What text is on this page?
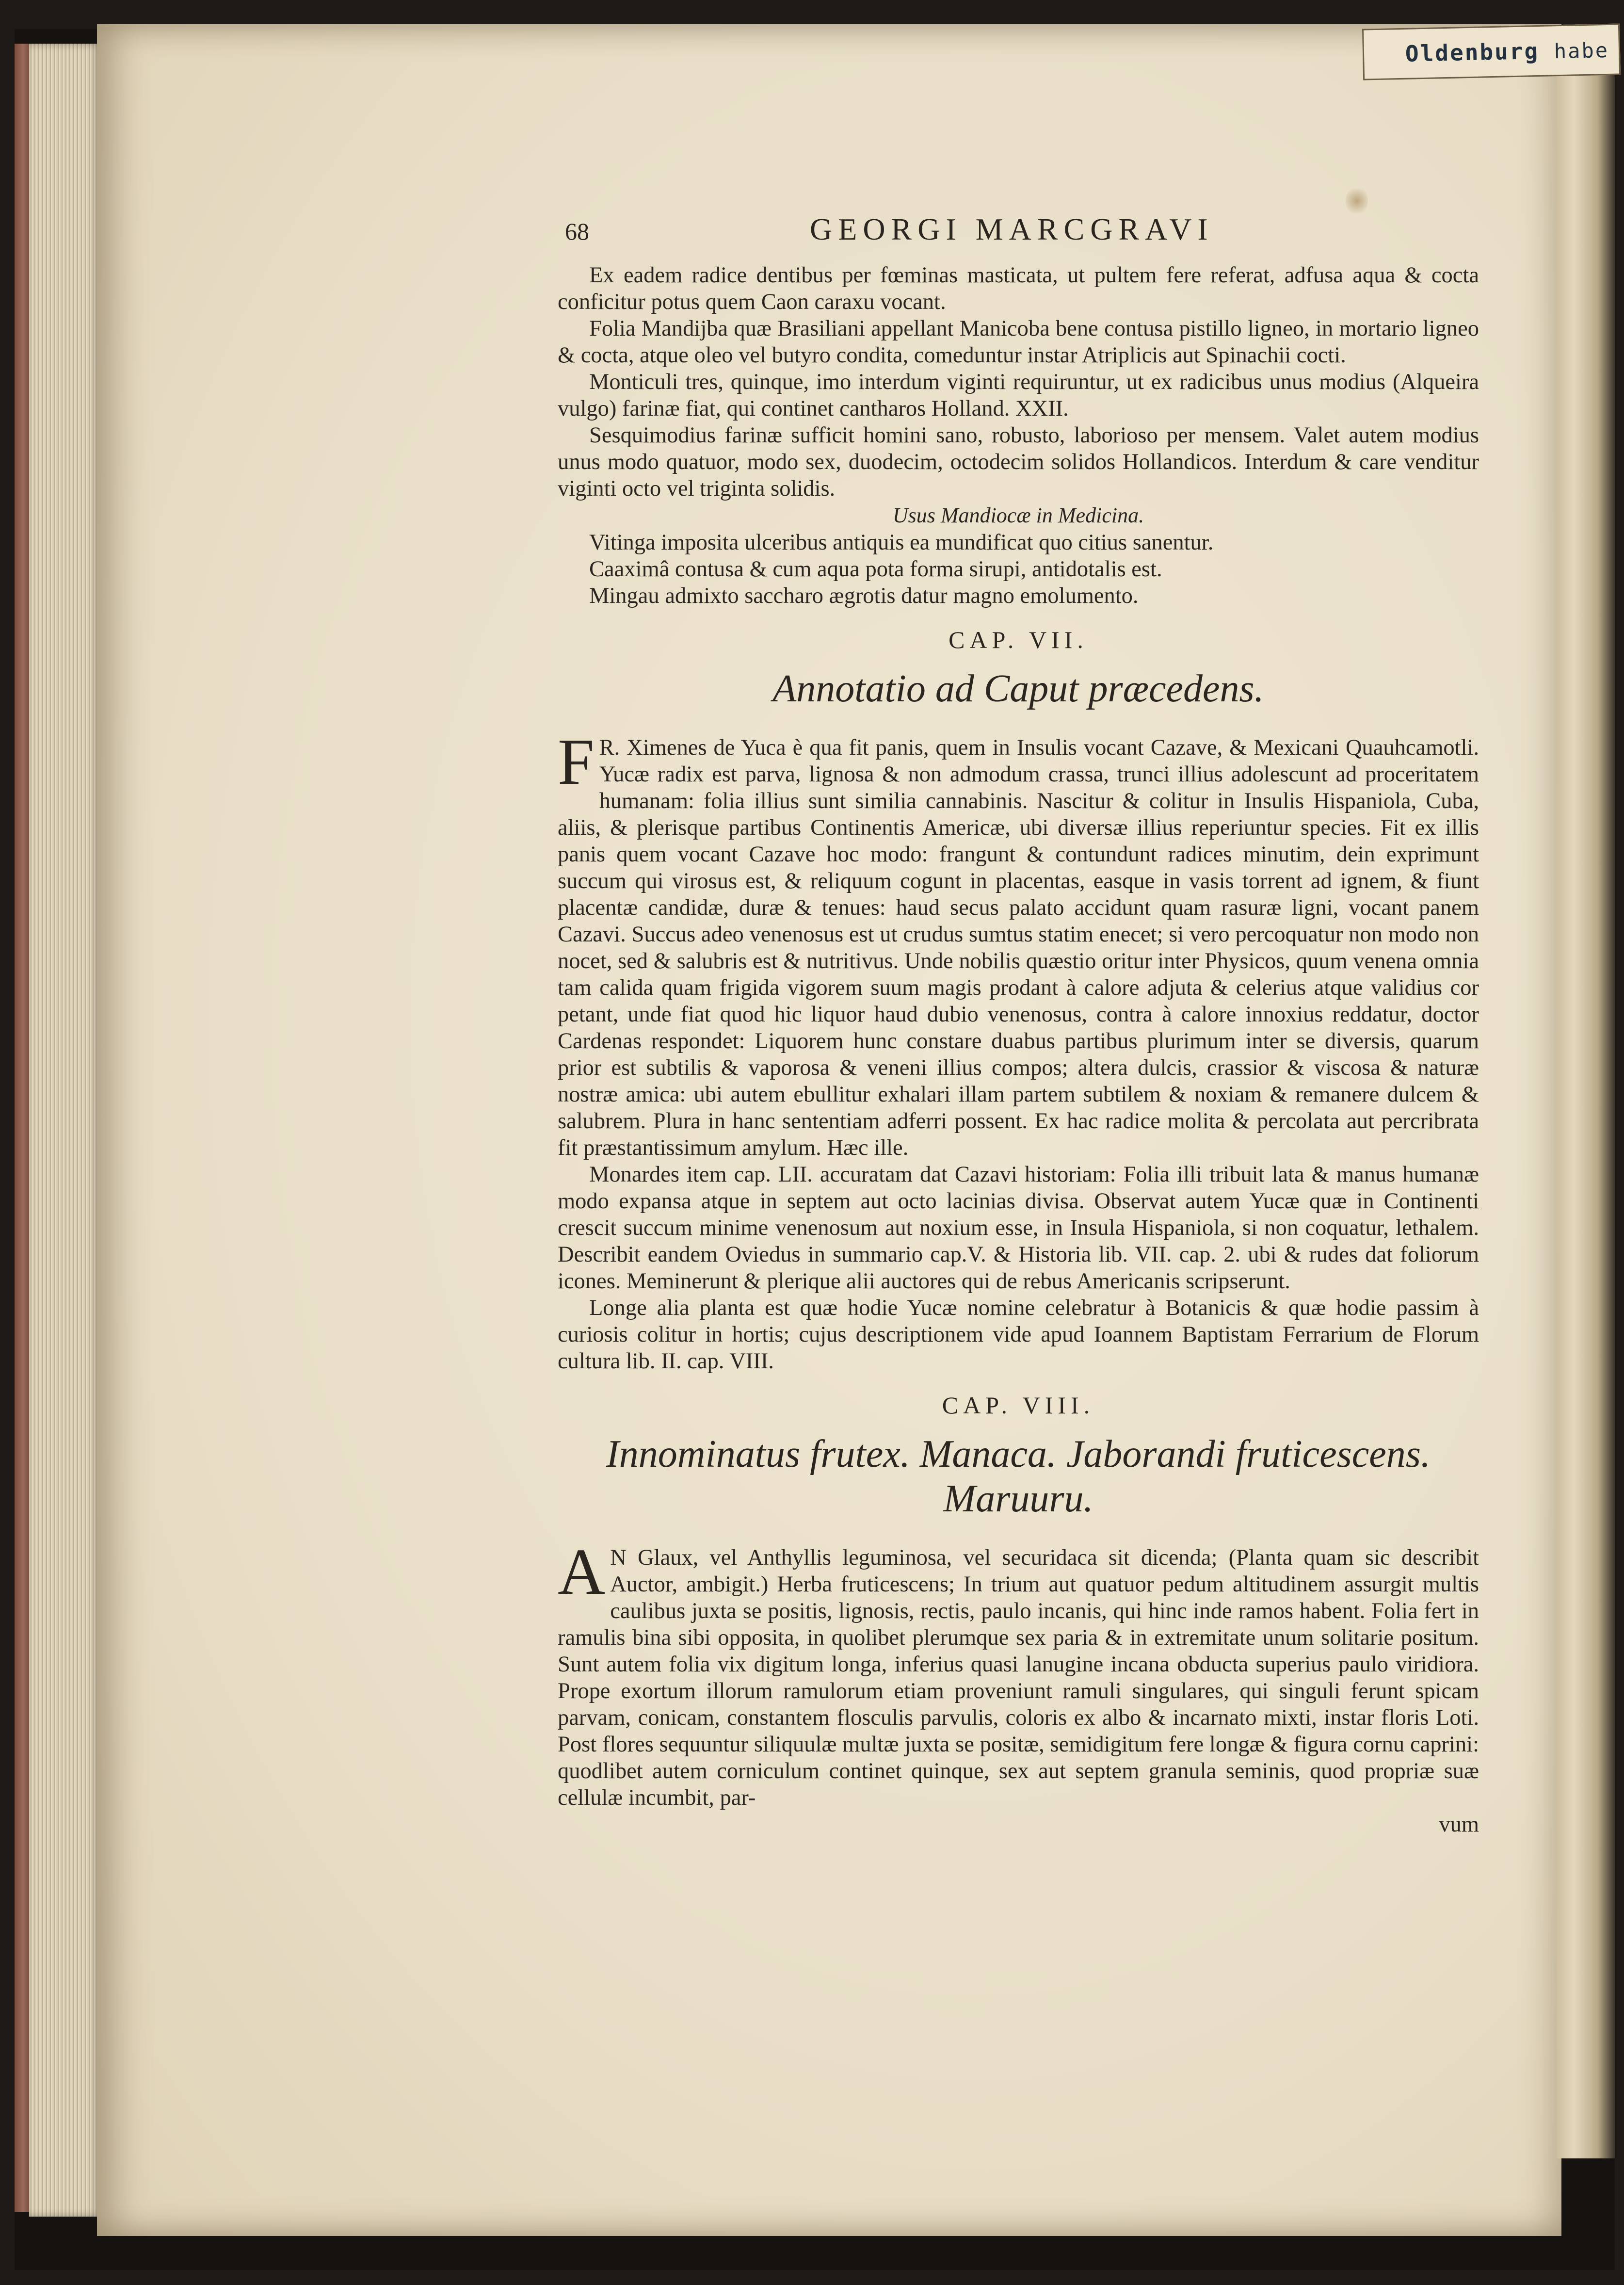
Oldenburg habe
68	GEORGI MARCGRAVI

Ex eadem radice dentibus per fœminas masticata, ut pultem fere referat, adfusa aqua & cocta conficitur potus quem Caon caraxu vocant.

Folia Mandijba quæ Brasiliani appellant Manicoba bene contusa pistillo ligneo, in mortario ligneo & cocta, atque oleo vel butyro condita, comeduntur instar Atriplicis aut Spinachii cocti.

Monticuli tres, quinque, imo interdum viginti requiruntur, ut ex radicibus unus modius (Alqueira vulgo) farinæ fiat, qui continet cantharos Holland. XXII.

Sesquimodius farinæ sufficit homini sano, robusto, laborioso per mensem. Valet autem modius unus modo quatuor, modo sex, duodecim, octodecim solidos Hollandicos. Interdum & care venditur viginti octo vel triginta solidis.

Usus Mandiocæ in Medicina.

Vitinga imposita ulceribus antiquis ea mundificat quo citius sanentur.

Caaximâ contusa & cum aqua pota forma sirupi, antidotalis est.

Mingau admixto saccharo ægrotis datur magno emolumento.

CAP. VII.
Annotatio ad Caput præcedens.

F R. Ximenes de Yuca è qua fit panis, quem in Insulis vocant Cazave, & Mexicani Quauhcamotli. Yucæ radix est parva, lignosa & non admodum crassa, trunci illius adolescunt ad proceritatem humanam: folia illius sunt similia cannabinis. Nascitur & colitur in Insulis Hispaniola, Cuba, aliis, & plerisque partibus Continentis Americæ, ubi diversæ illius reperiuntur species. Fit ex illis panis quem vocant Cazave hoc modo: frangunt & contundunt radices minutim, dein exprimunt succum qui virosus est, & reliquum cogunt in placentas, easque in vasis torrent ad ignem, & fiunt placentæ candidæ, duræ & tenues: haud secus palato accidunt quam rasuræ ligni, vocant panem Cazavi. Succus adeo venenosus est ut crudus sumtus statim enecet; si vero percoquatur non modo non nocet, sed & salubris est & nutritivus. Unde nobilis quæstio oritur inter Physicos, quum venena omnia tam calida quam frigida vigorem suum magis prodant à calore adjuta & celerius atque validius cor petant, unde fiat quod hic liquor haud dubio venenosus, contra à calore innoxius reddatur, doctor Cardenas respondet: Liquorem hunc constare duabus partibus plurimum inter se diversis, quarum prior est subtilis & vaporosa & veneni illius compos; altera dulcis, crassior & viscosa & naturæ nostræ amica: ubi autem ebullitur exhalari illam partem subtilem & noxiam & remanere dulcem & salubrem. Plura in hanc sententiam adferri possent. Ex hac radice molita & percolata aut percribrata fit præstantissimum amylum. Hæc ille.

Monardes item cap. LII. accuratam dat Cazavi historiam: Folia illi tribuit lata & manus humanæ modo expansa atque in septem aut octo lacinias divisa. Observat autem Yucæ quæ in Continenti crescit succum minime venenosum aut noxium esse, in Insula Hispaniola, si non coquatur, lethalem. Describit eandem Oviedus in summario cap.V. & Historia lib. VII. cap. 2. ubi & rudes dat foliorum icones. Meminerunt & plerique alii auctores qui de rebus Americanis scripserunt.

Longe alia planta est quæ hodie Yucæ nomine celebratur à Botanicis & quæ hodie passim à curiosis colitur in hortis; cujus descriptionem vide apud Ioannem Baptistam Ferrarium de Florum cultura lib. II. cap. VIII.

CAP. VIII.
Innominatus frutex. Manaca. Jaborandi fruticescens.
Maruuru.

A N Glaux, vel Anthyllis leguminosa, vel securidaca sit dicenda; (Planta quam sic describit Auctor, ambigit.) Herba fruticescens; In trium aut quatuor pedum altitudinem assurgit multis caulibus juxta se positis, lignosis, rectis, paulo incanis, qui hinc inde ramos habent. Folia fert in ramulis bina sibi opposita, in quolibet plerumque sex paria & in extremitate unum solitarie positum. Sunt autem folia vix digitum longa, inferius quasi lanugine incana obducta superius paulo viridiora. Prope exortum illorum ramulorum etiam proveniunt ramuli singulares, qui singuli ferunt spicam parvam, conicam, constantem flosculis parvulis, coloris ex albo & incarnato mixti, instar floris Loti. Post flores sequuntur siliquulæ multæ juxta se positæ, semidigitum fere longæ & figura cornu caprini: quodlibet autem corniculum continet quinque, sex aut septem granula seminis, quod propriæ suæ cellulæ incumbit, par-

vum
